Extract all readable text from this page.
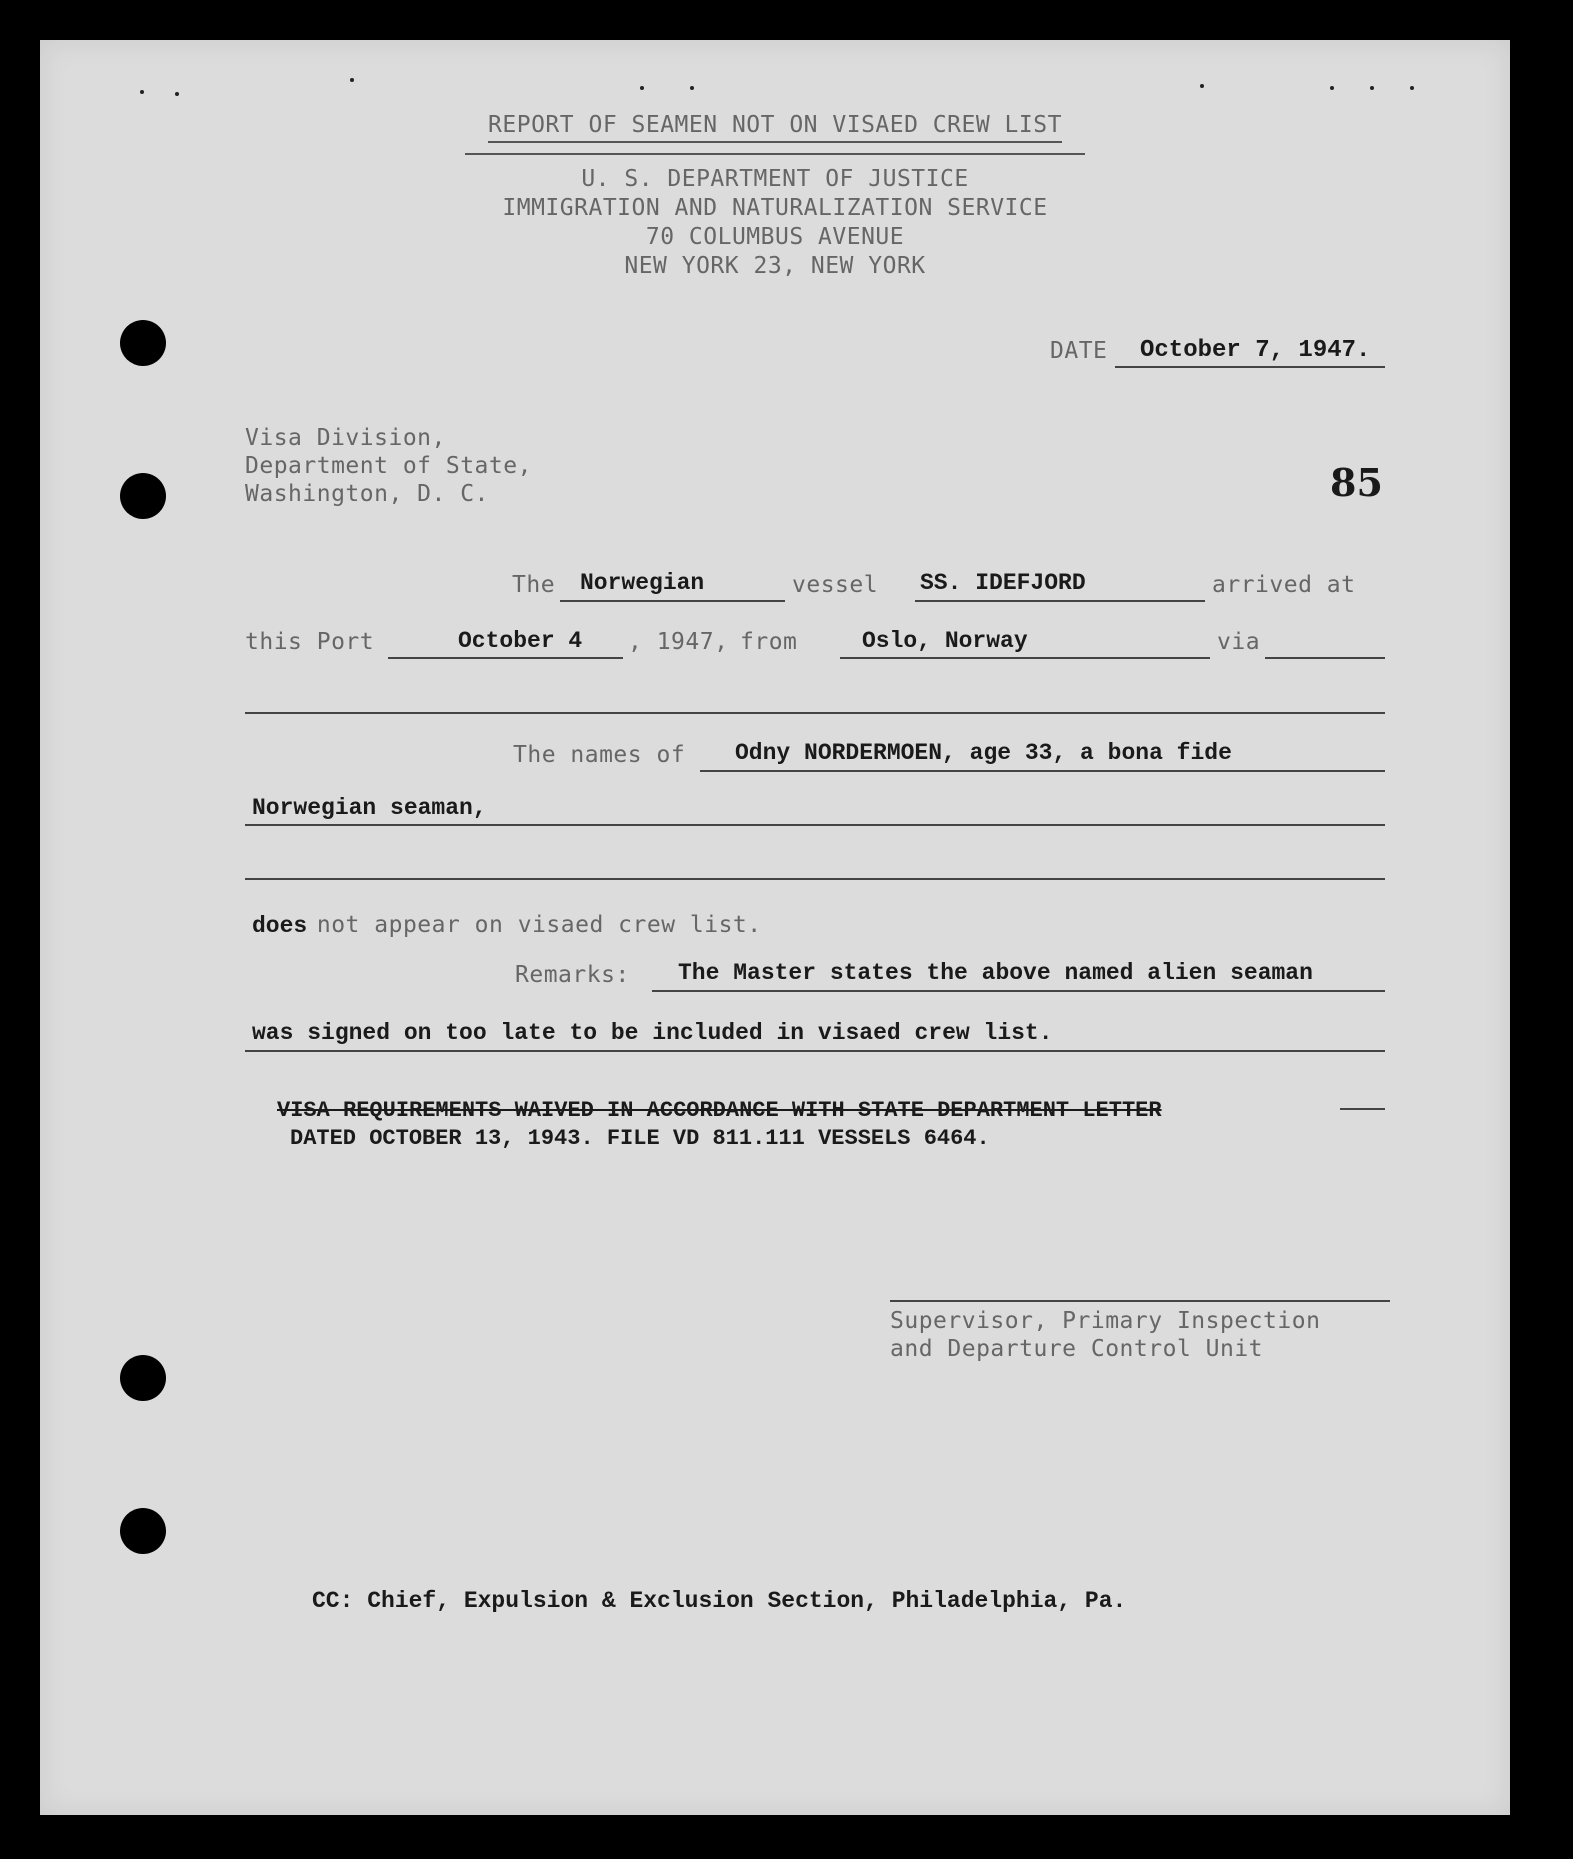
REPORT OF SEAMEN NOT ON VISAED CREW LIST
U. S. DEPARTMENT OF JUSTICE
IMMIGRATION AND NATURALIZATION SERVICE
70 COLUMBUS AVENUE
NEW YORK 23, NEW YORK
DATE October 7, 1947.
Visa Division,
Department of State,
Washington, D. C.	85
The Norwegian	vessel SS. IDEFJORD	arrived at
this Port	October 4 , 1947, from	Oslo, Norway	via
The names of Odny NORDERMOEN, age 33, a bona fide
Norwegian seaman,
does not appear on visaed crew list.
Remarks: The Master states the above named alien seaman
was signed on too late to be included in visaed crew list.
VISA REQUIREMENTS WAIVED IN ACCORDANCE WITH STATE DEPARTMENT LETTER
DATED OCTOBER 13, 1943. FILE VD 811.111 VESSELS 6464.
Supervisor, Primary Inspection
and Departure Control Unit
CC: Chief, Expulsion & Exclusion Section, Philadelphia, Pa.
